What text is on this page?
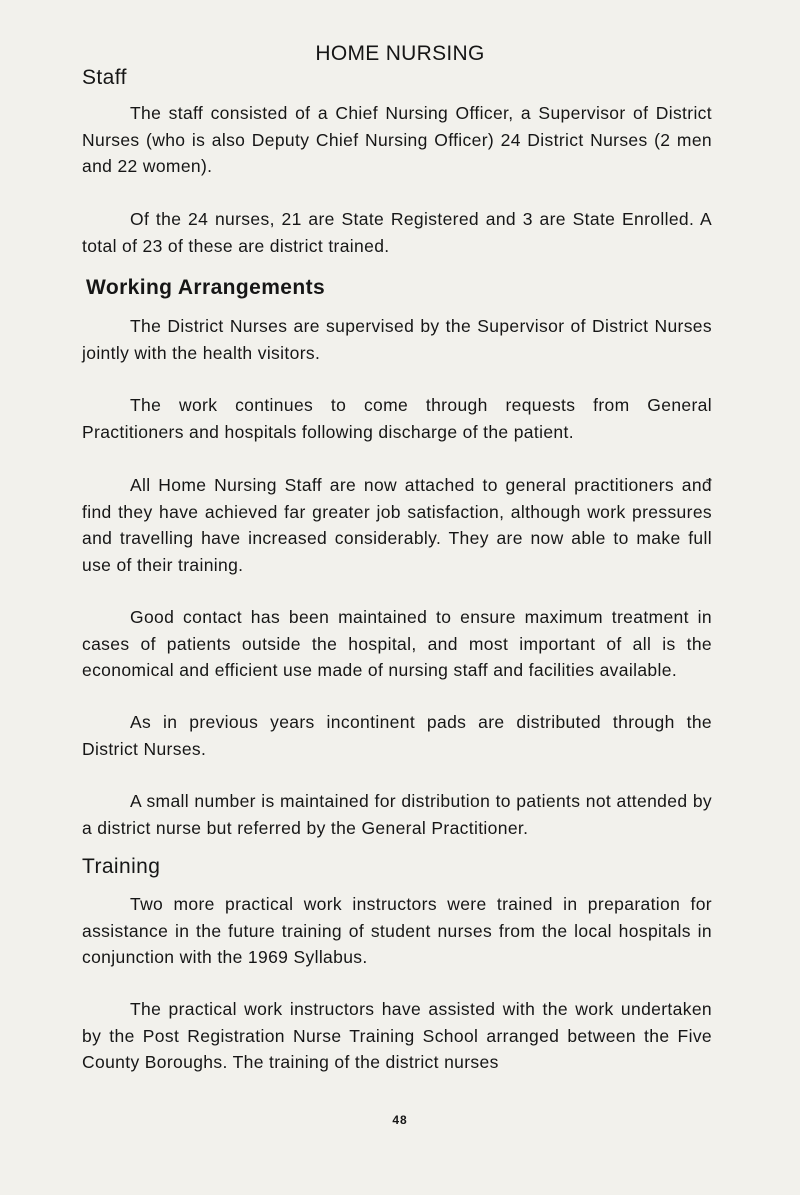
HOME NURSING
Staff

The staff consisted of a Chief Nursing Officer, a Supervisor of District Nurses (who is also Deputy Chief Nursing Officer) 24 District Nurses (2 men and 22 women).

Of the 24 nurses, 21 are State Registered and 3 are State Enrolled. A total of 23 of these are district trained.

Working Arrangements

The District Nurses are supervised by the Supervisor of District Nurses jointly with the health visitors.

The work continues to come through requests from General Practitioners and hospitals following discharge of the patient.

All Home Nursing Staff are now attached to general practitioners anđ find they have achieved far greater job satisfaction, although work pressures and travelling have increased considerably. They are now able to make full use of their training.

Good contact has been maintained to ensure maximum treatment in cases of patients outside the hospital, and most important of all is the economical and efficient use made of nursing staff and facilities available.

As in previous years incontinent pads are distributed through the District Nurses.

A small number is maintained for distribution to patients not attended by a district nurse but referred by the General Practitioner.

Training

Two more practical work instructors were trained in preparation for assistance in the future training of student nurses from the local hospitals in conjunction with the 1969 Syllabus.

The practical work instructors have assisted with the work undertaken by the Post Registration Nurse Training School arranged between the Five County Boroughs. The training of the district nurses

48
